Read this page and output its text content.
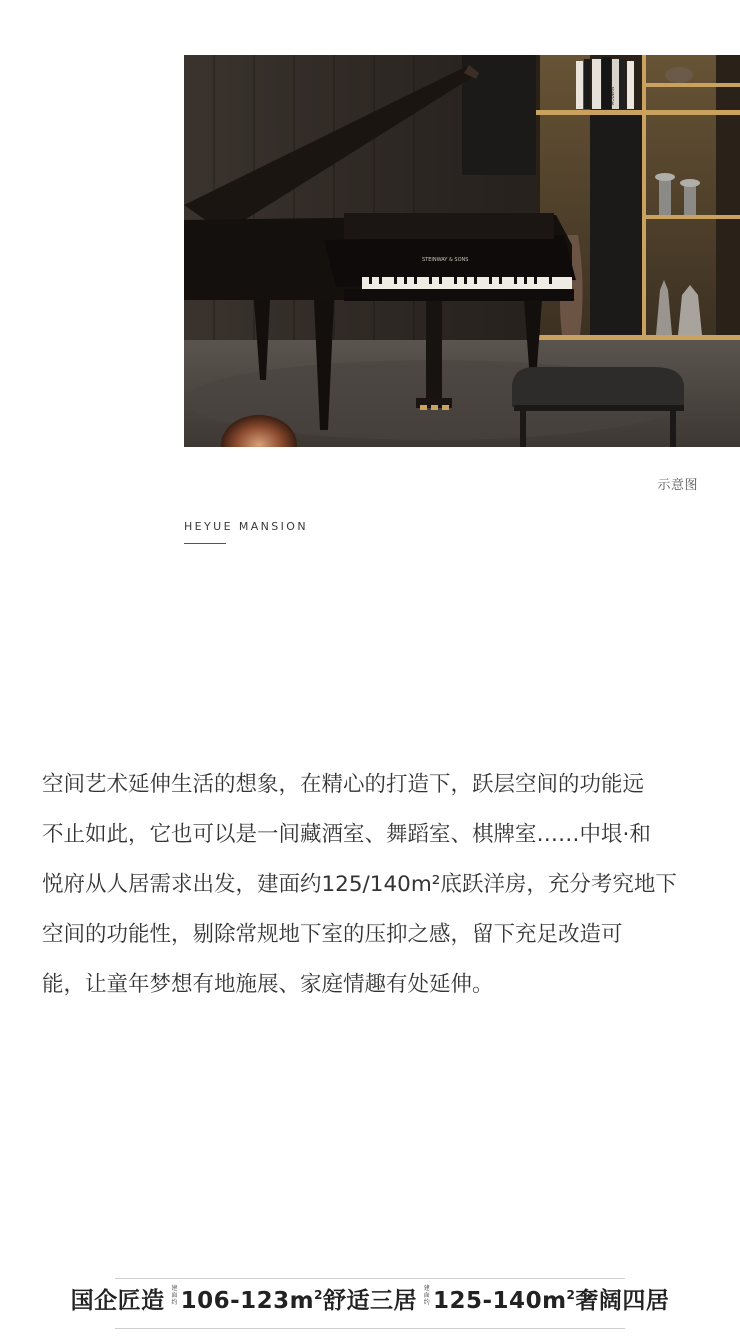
STEINWAY & SONS
MODERN
示意图
HEYUE MANSION

空间艺术延伸生活的想象，在精心的打造下，跃层空间的功能远

不止如此，它也可以是一间藏酒室、舞蹈室、棋牌室……中垠·和

悦府从人居需求出发，建面约125/140m²底跃洋房，充分考究地下

空间的功能性，剔除常规地下室的压抑之感，留下充足改造可

能，让童年梦想有地施展、家庭情趣有处延伸。

国企匠造 建面约 $106-123m^2$舒适三居 建面约 $125-140m^2$奢阔四居
